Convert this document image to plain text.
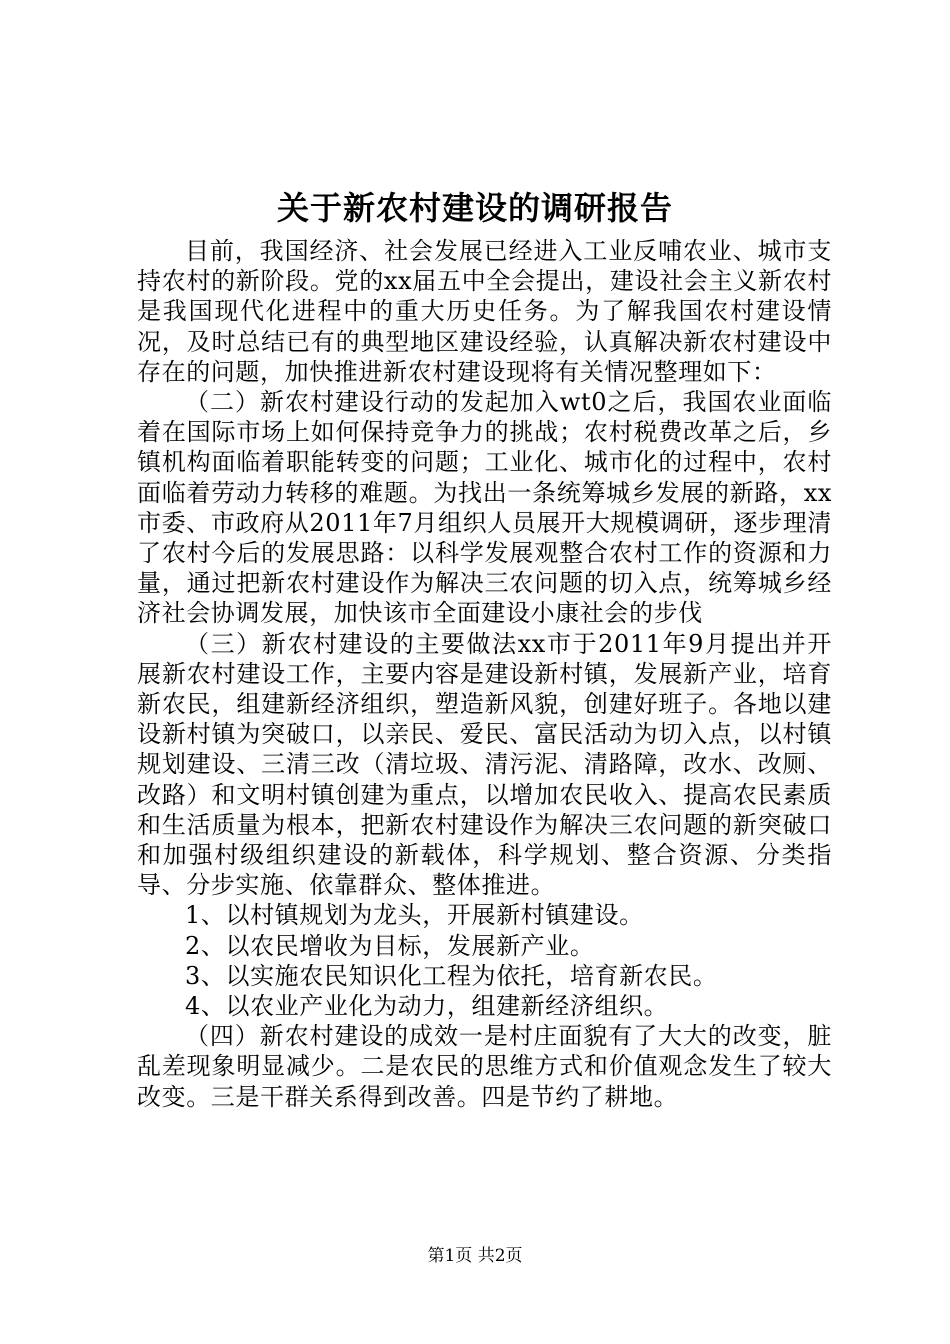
关于新农村建设的调研报告

目前，我国经济、社会发展已经进入工业反哺农业、城市支持农村的新阶段。党的xx届五中全会提出，建设社会主义新农村是我国现代化进程中的重大历史任务。为了解我国农村建设情况，及时总结已有的典型地区建设经验，认真解决新农村建设中存在的问题，加快推进新农村建设现将有关情况整理如下：

（二）新农村建设行动的发起加入wt0之后，我国农业面临着在国际市场上如何保持竞争力的挑战；农村税费改革之后，乡镇机构面临着职能转变的问题；工业化、城市化的过程中，农村面临着劳动力转移的难题。为找出一条统筹城乡发展的新路，xx市委、市政府从2011年7月组织人员展开大规模调研，逐步理清了农村今后的发展思路：以科学发展观整合农村工作的资源和力量，通过把新农村建设作为解决三农问题的切入点，统筹城乡经济社会协调发展，加快该市全面建设小康社会的步伐

（三）新农村建设的主要做法xx市于2011年9月提出并开展新农村建设工作，主要内容是建设新村镇，发展新产业，培育新农民，组建新经济组织，塑造新风貌，创建好班子。各地以建设新村镇为突破口，以亲民、爱民、富民活动为切入点，以村镇规划建设、三清三改（清垃圾、清污泥、清路障，改水、改厕、改路）和文明村镇创建为重点，以增加农民收入、提高农民素质和生活质量为根本，把新农村建设作为解决三农问题的新突破口和加强村级组织建设的新载体，科学规划、整合资源、分类指导、分步实施、依靠群众、整体推进。

1、以村镇规划为龙头，开展新村镇建设。

2、以农民增收为目标，发展新产业。

3、以实施农民知识化工程为依托，培育新农民。

4、以农业产业化为动力，组建新经济组织。

（四）新农村建设的成效一是村庄面貌有了大大的改变，脏乱差现象明显减少。二是农民的思维方式和价值观念发生了较大改变。三是干群关系得到改善。四是节约了耕地。

第1页 共2页
